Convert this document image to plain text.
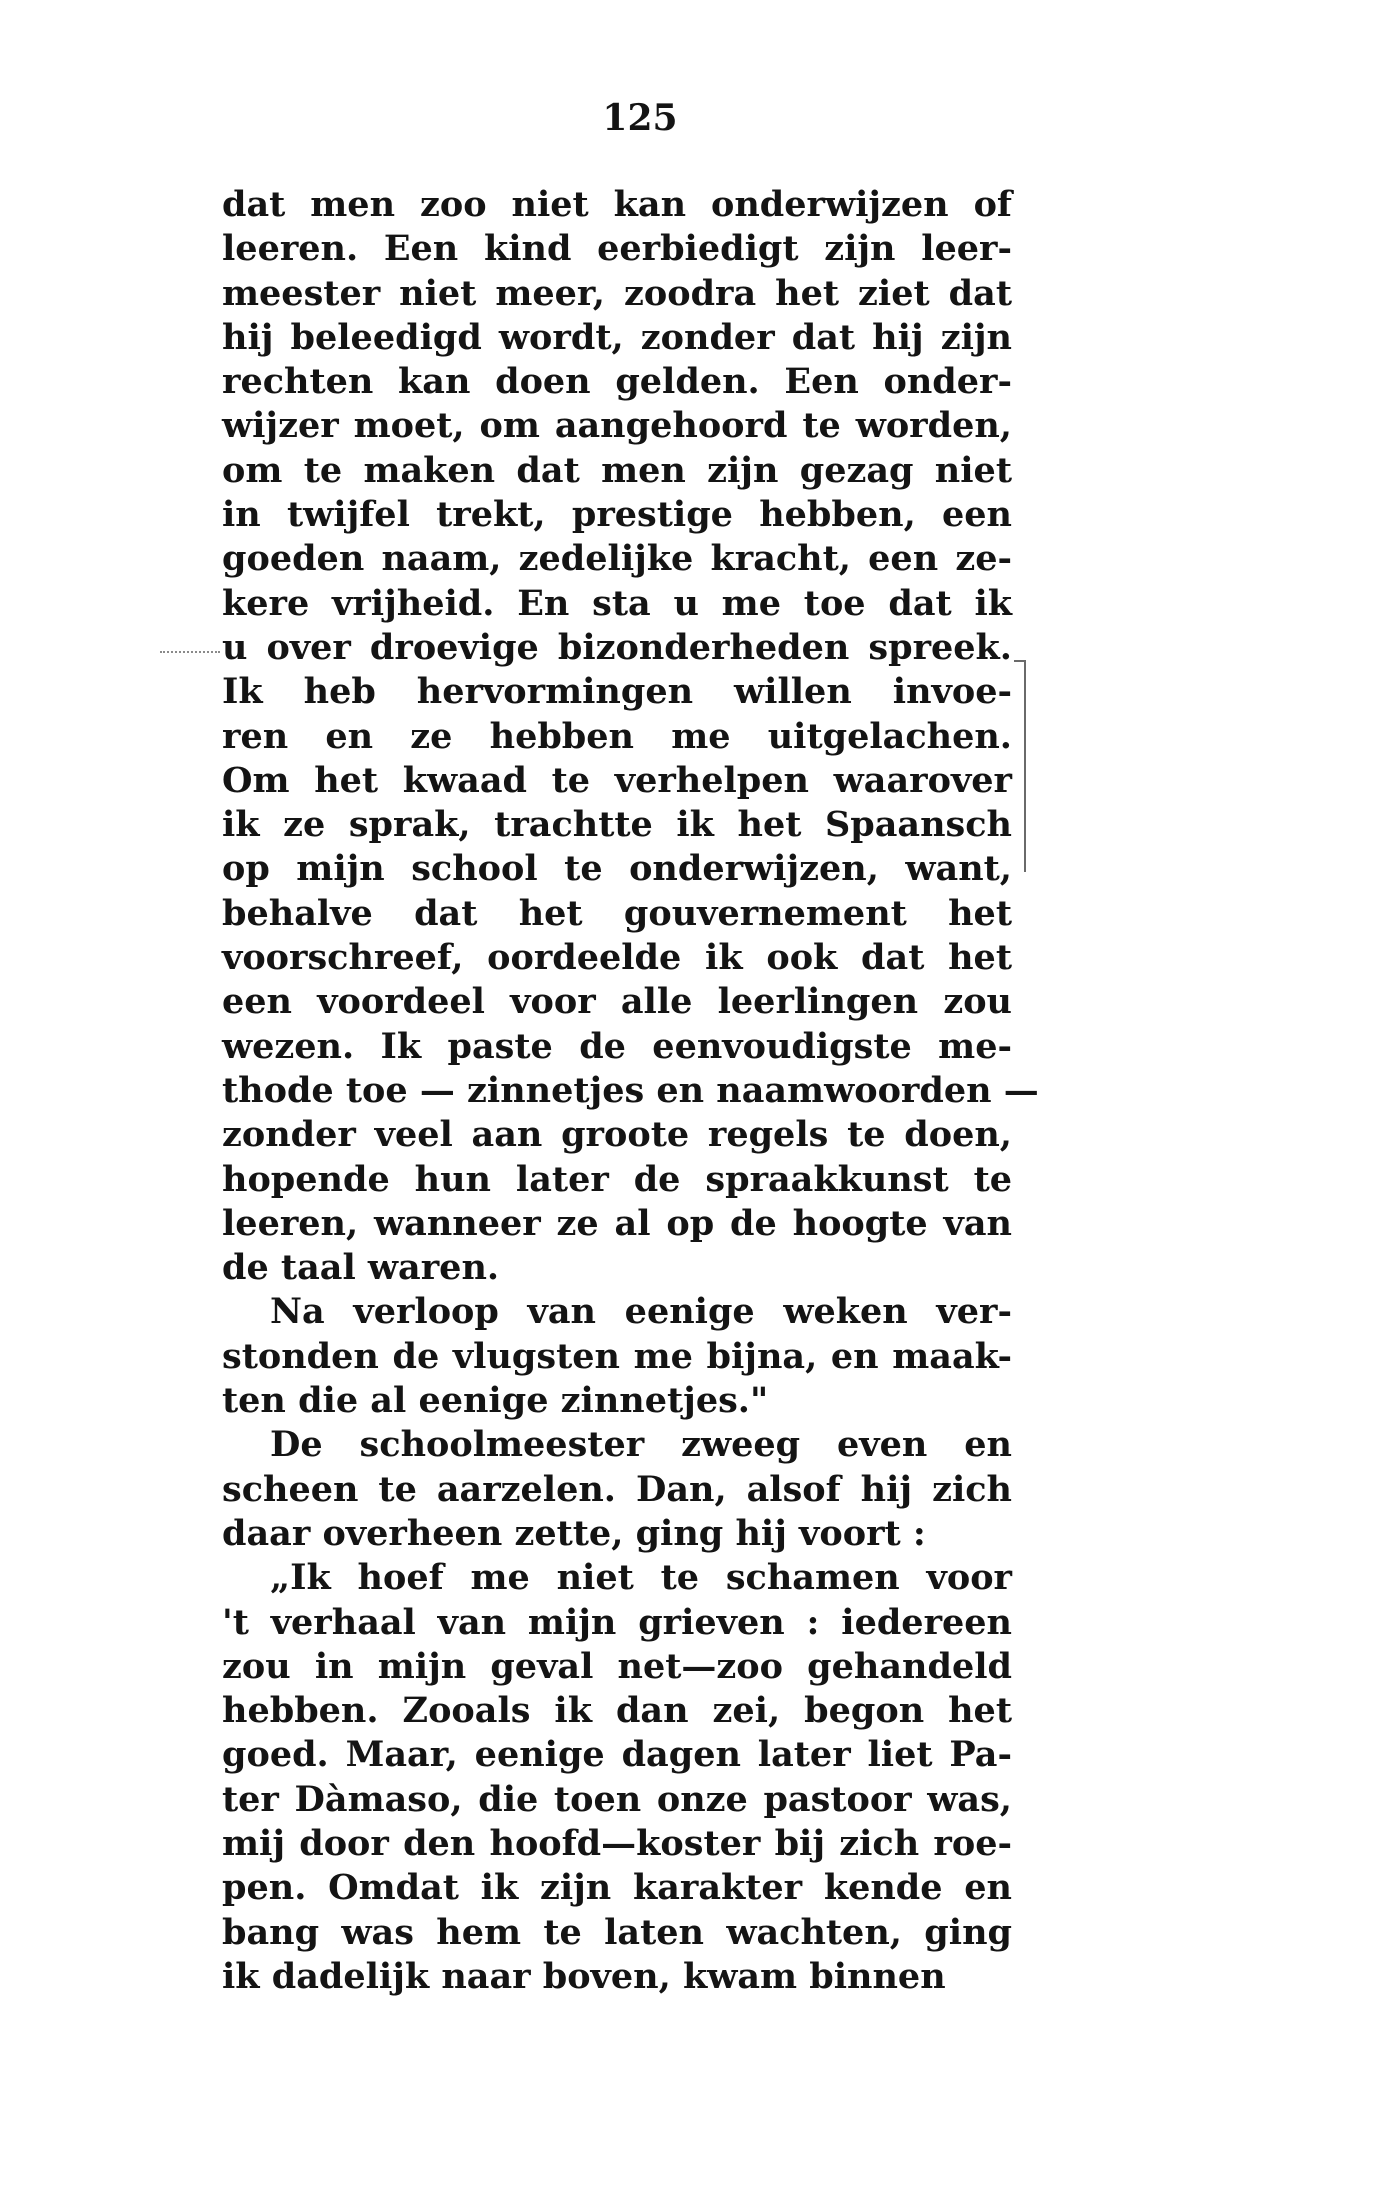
125
dat men zoo niet kan onderwijzen of
leeren. Een kind eerbiedigt zijn leer-
meester niet meer, zoodra het ziet dat
hij beleedigd wordt, zonder dat hij zijn
rechten kan doen gelden. Een onder-
wijzer moet, om aangehoord te worden,
om te maken dat men zijn gezag niet
in twijfel trekt, prestige hebben, een
goeden naam, zedelijke kracht, een ze-
kere vrijheid. En sta u me toe dat ik
u over droevige bizonderheden spreek.
Ik heb hervormingen willen invoe-
ren en ze hebben me uitgelachen.
Om het kwaad te verhelpen waarover
ik ze sprak, trachtte ik het Spaansch
op mijn school te onderwijzen, want,
behalve dat het gouvernement het
voorschreef, oordeelde ik ook dat het
een voordeel voor alle leerlingen zou
wezen. Ik paste de eenvoudigste me-
thode toe — zinnetjes en naamwoorden —
zonder veel aan groote regels te doen,
hopende hun later de spraakkunst te
leeren, wanneer ze al op de hoogte van
de taal waren.
Na verloop van eenige weken ver-
stonden de vlugsten me bijna, en maak-
ten die al eenige zinnetjes."
De schoolmeester zweeg even en
scheen te aarzelen. Dan, alsof hij zich
daar overheen zette, ging hij voort :
„Ik hoef me niet te schamen voor
't verhaal van mijn grieven : iedereen
zou in mijn geval net—zoo gehandeld
hebben. Zooals ik dan zei, begon het
goed. Maar, eenige dagen later liet Pa-
ter Dàmaso, die toen onze pastoor was,
mij door den hoofd—koster bij zich roe-
pen. Omdat ik zijn karakter kende en
bang was hem te laten wachten, ging
ik dadelijk naar boven, kwam binnen
